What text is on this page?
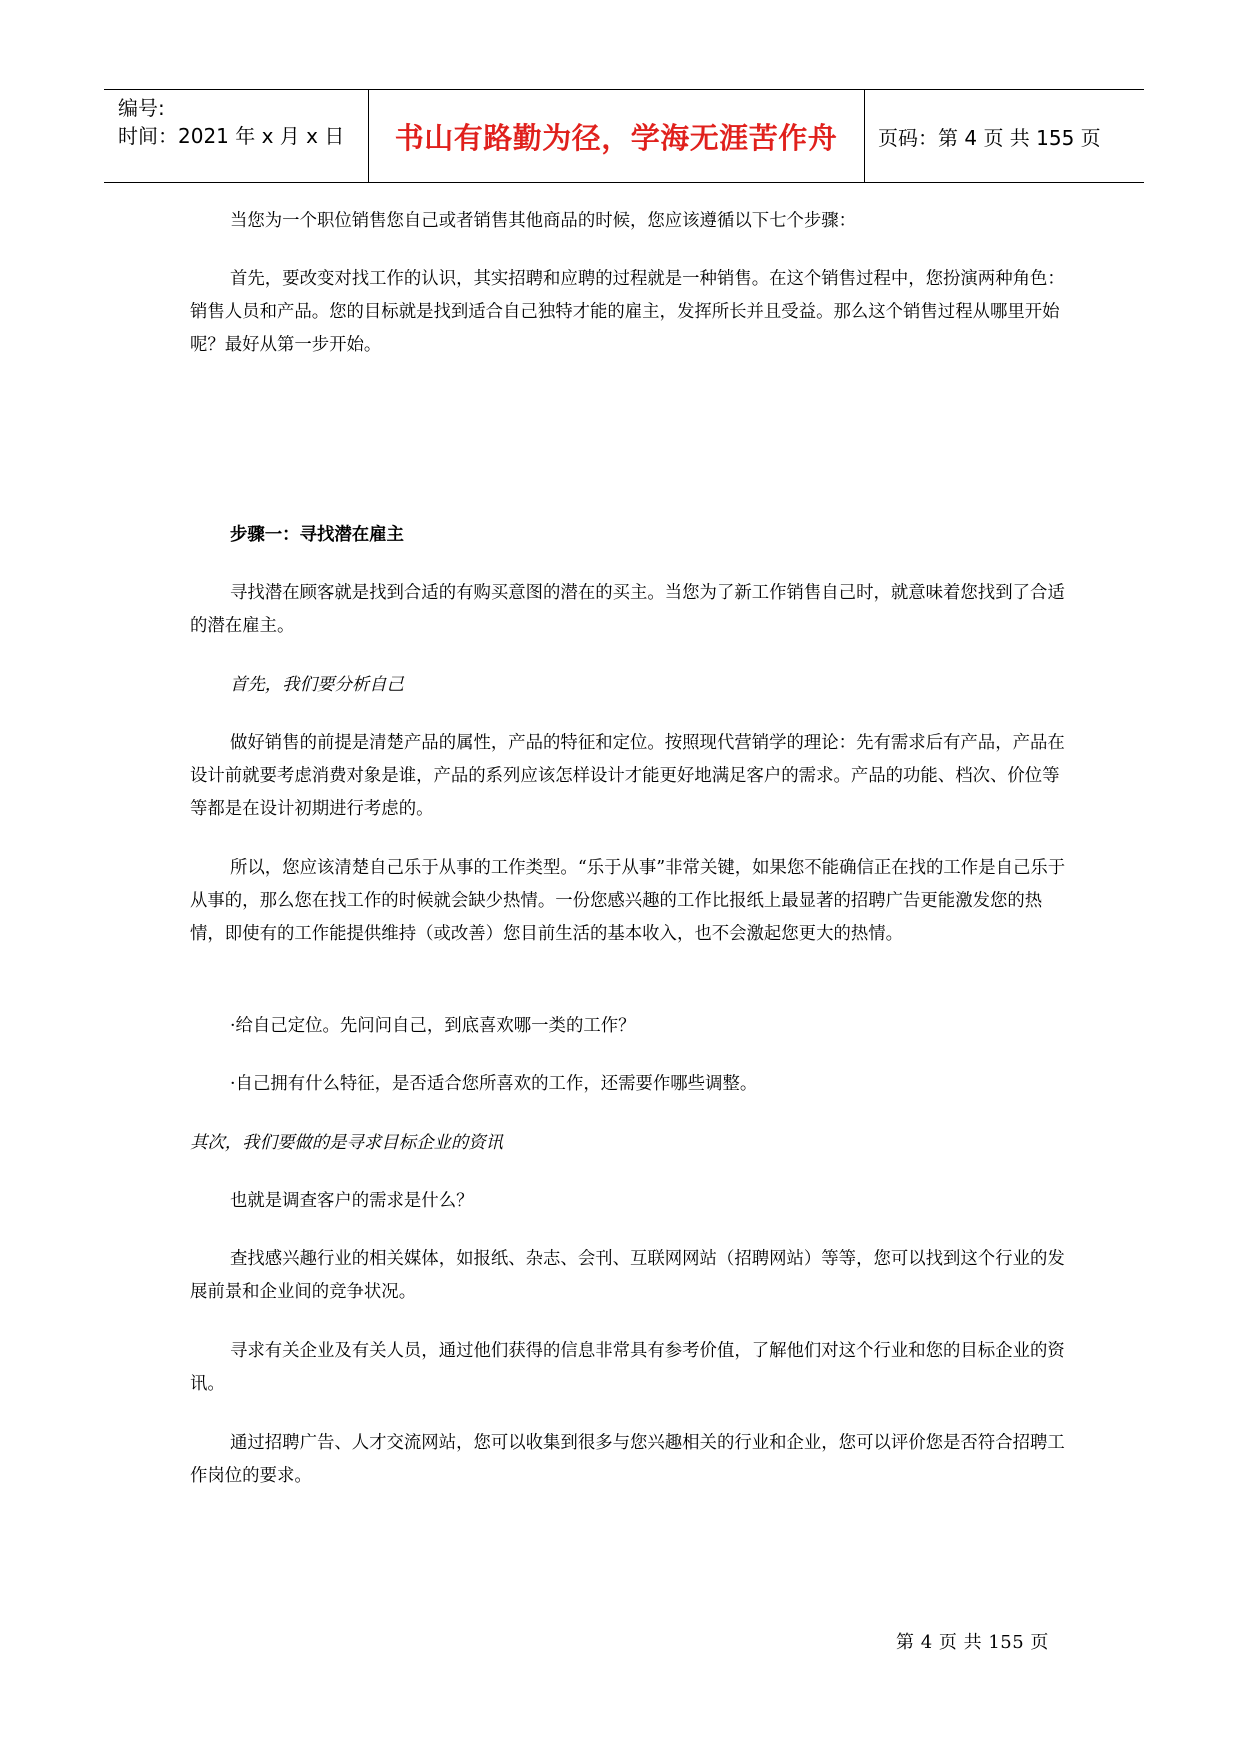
编号:
时间：2021 年 x 月 x 日 书山有路勤为径，学海无涯苦作舟 页码：第 4 页 共 155 页

当您为一个职位销售您自己或者销售其他商品的时候，您应该遵循以下七个步骤：

首先，要改变对找工作的认识，其实招聘和应聘的过程就是一种销售。在这个销售过程中，您扮演两种角色：销售人员和产品。您的目标就是找到适合自己独特才能的雇主，发挥所长并且受益。那么这个销售过程从哪里开始呢？最好从第一步开始。

步骤一：寻找潜在雇主

寻找潜在顾客就是找到合适的有购买意图的潜在的买主。当您为了新工作销售自己时，就意味着您找到了合适的潜在雇主。

首先，我们要分析自己

做好销售的前提是清楚产品的属性，产品的特征和定位。按照现代营销学的理论：先有需求后有产品，产品在设计前就要考虑消费对象是谁，产品的系列应该怎样设计才能更好地满足客户的需求。产品的功能、档次、价位等等都是在设计初期进行考虑的。

所以，您应该清楚自己乐于从事的工作类型。“乐于从事”非常关键，如果您不能确信正在找的工作是自己乐于从事的，那么您在找工作的时候就会缺少热情。一份您感兴趣的工作比报纸上最显著的招聘广告更能激发您的热情，即使有的工作能提供维持（或改善）您目前生活的基本收入，也不会激起您更大的热情。

·给自己定位。先问问自己，到底喜欢哪一类的工作？

·自己拥有什么特征，是否适合您所喜欢的工作，还需要作哪些调整。

其次，我们要做的是寻求目标企业的资讯

也就是调查客户的需求是什么？

查找感兴趣行业的相关媒体，如报纸、杂志、会刊、互联网网站（招聘网站）等等，您可以找到这个行业的发展前景和企业间的竞争状况。

寻求有关企业及有关人员，通过他们获得的信息非常具有参考价值，了解他们对这个行业和您的目标企业的资讯。

通过招聘广告、人才交流网站，您可以收集到很多与您兴趣相关的行业和企业，您可以评价您是否符合招聘工作岗位的要求。

第 4 页 共 155 页
